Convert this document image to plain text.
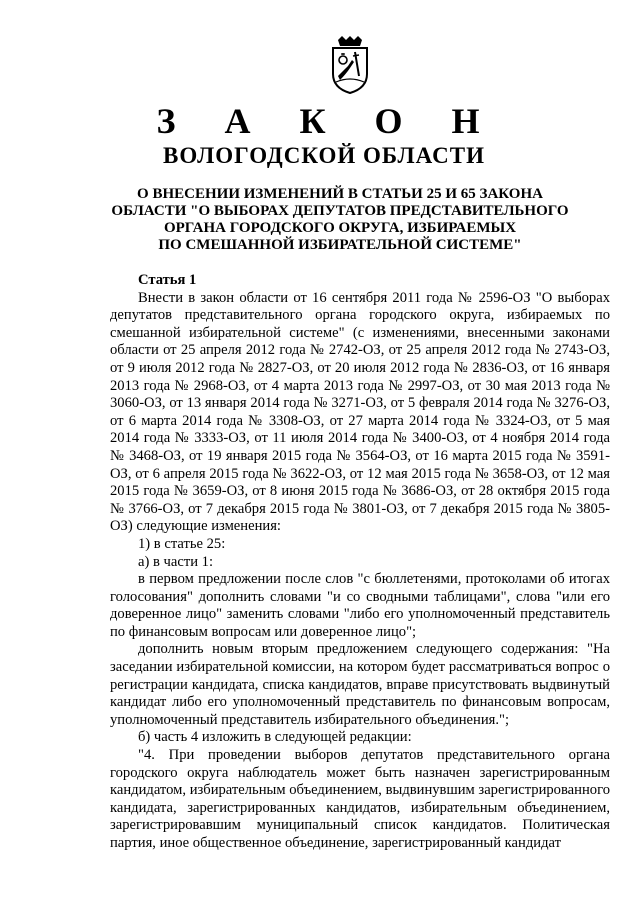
З А К О Н
ВОЛОГОДСКОЙ ОБЛАСТИ
О ВНЕСЕНИИ ИЗМЕНЕНИЙ В СТАТЬИ 25 И 65 ЗАКОНА
ОБЛАСТИ "О ВЫБОРАХ ДЕПУТАТОВ ПРЕДСТАВИТЕЛЬНОГО
ОРГАНА ГОРОДСКОГО ОКРУГА, ИЗБИРАЕМЫХ
ПО СМЕШАННОЙ ИЗБИРАТЕЛЬНОЙ СИСТЕМЕ"
Статья 1

Внести в закон области от 16 сентября 2011 года № 2596-ОЗ "О выборах депутатов представительного органа городского округа, избираемых по смешанной избирательной системе" (с изменениями, внесенными законами области от 25 апреля 2012 года № 2742-ОЗ, от 25 апреля 2012 года № 2743-ОЗ, от 9 июля 2012 года № 2827-ОЗ, от 20 июля 2012 года № 2836-ОЗ, от 16 января 2013 года № 2968-ОЗ, от 4 марта 2013 года № 2997-ОЗ, от 30 мая 2013 года № 3060-ОЗ, от 13 января 2014 года № 3271-ОЗ, от 5 февраля 2014 года № 3276-ОЗ, от 6 марта 2014 года № 3308-ОЗ, от 27 марта 2014 года № 3324-ОЗ, от 5 мая 2014 года № 3333-ОЗ, от 11 июля 2014 года № 3400-ОЗ, от 4 ноября 2014 года № 3468-ОЗ, от 19 января 2015 года № 3564-ОЗ, от 16 марта 2015 года № 3591-ОЗ, от 6 апреля 2015 года № 3622-ОЗ, от 12 мая 2015 года № 3658-ОЗ, от 12 мая 2015 года № 3659-ОЗ, от 8 июня 2015 года № 3686-ОЗ, от 28 октября 2015 года № 3766-ОЗ, от 7 декабря 2015 года № 3801-ОЗ, от 7 декабря 2015 года № 3805-ОЗ) следующие изменения:

1) в статье 25:
а) в части 1:

в первом предложении после слов "с бюллетенями, протоколами об итогах голосования" дополнить словами "и со сводными таблицами", слова "или его доверенное лицо" заменить словами "либо его уполномоченный представитель по финансовым вопросам или доверенное лицо";

дополнить новым вторым предложением следующего содержания: "На заседании избирательной комиссии, на котором будет рассматриваться вопрос о регистрации кандидата, списка кандидатов, вправе присутствовать выдвинутый кандидат либо его уполномоченный представитель по финансовым вопросам, уполномоченный представитель избирательного объединения.";

б) часть 4 изложить в следующей редакции:

"4. При проведении выборов депутатов представительного органа городского округа наблюдатель может быть назначен зарегистрированным кандидатом, избирательным объединением, выдвинувшим зарегистрированного кандидата, зарегистрированных кандидатов, избирательным объединением, зарегистрировавшим муниципальный список кандидатов. Политическая партия, иное общественное объединение, зарегистрированный кандидат
